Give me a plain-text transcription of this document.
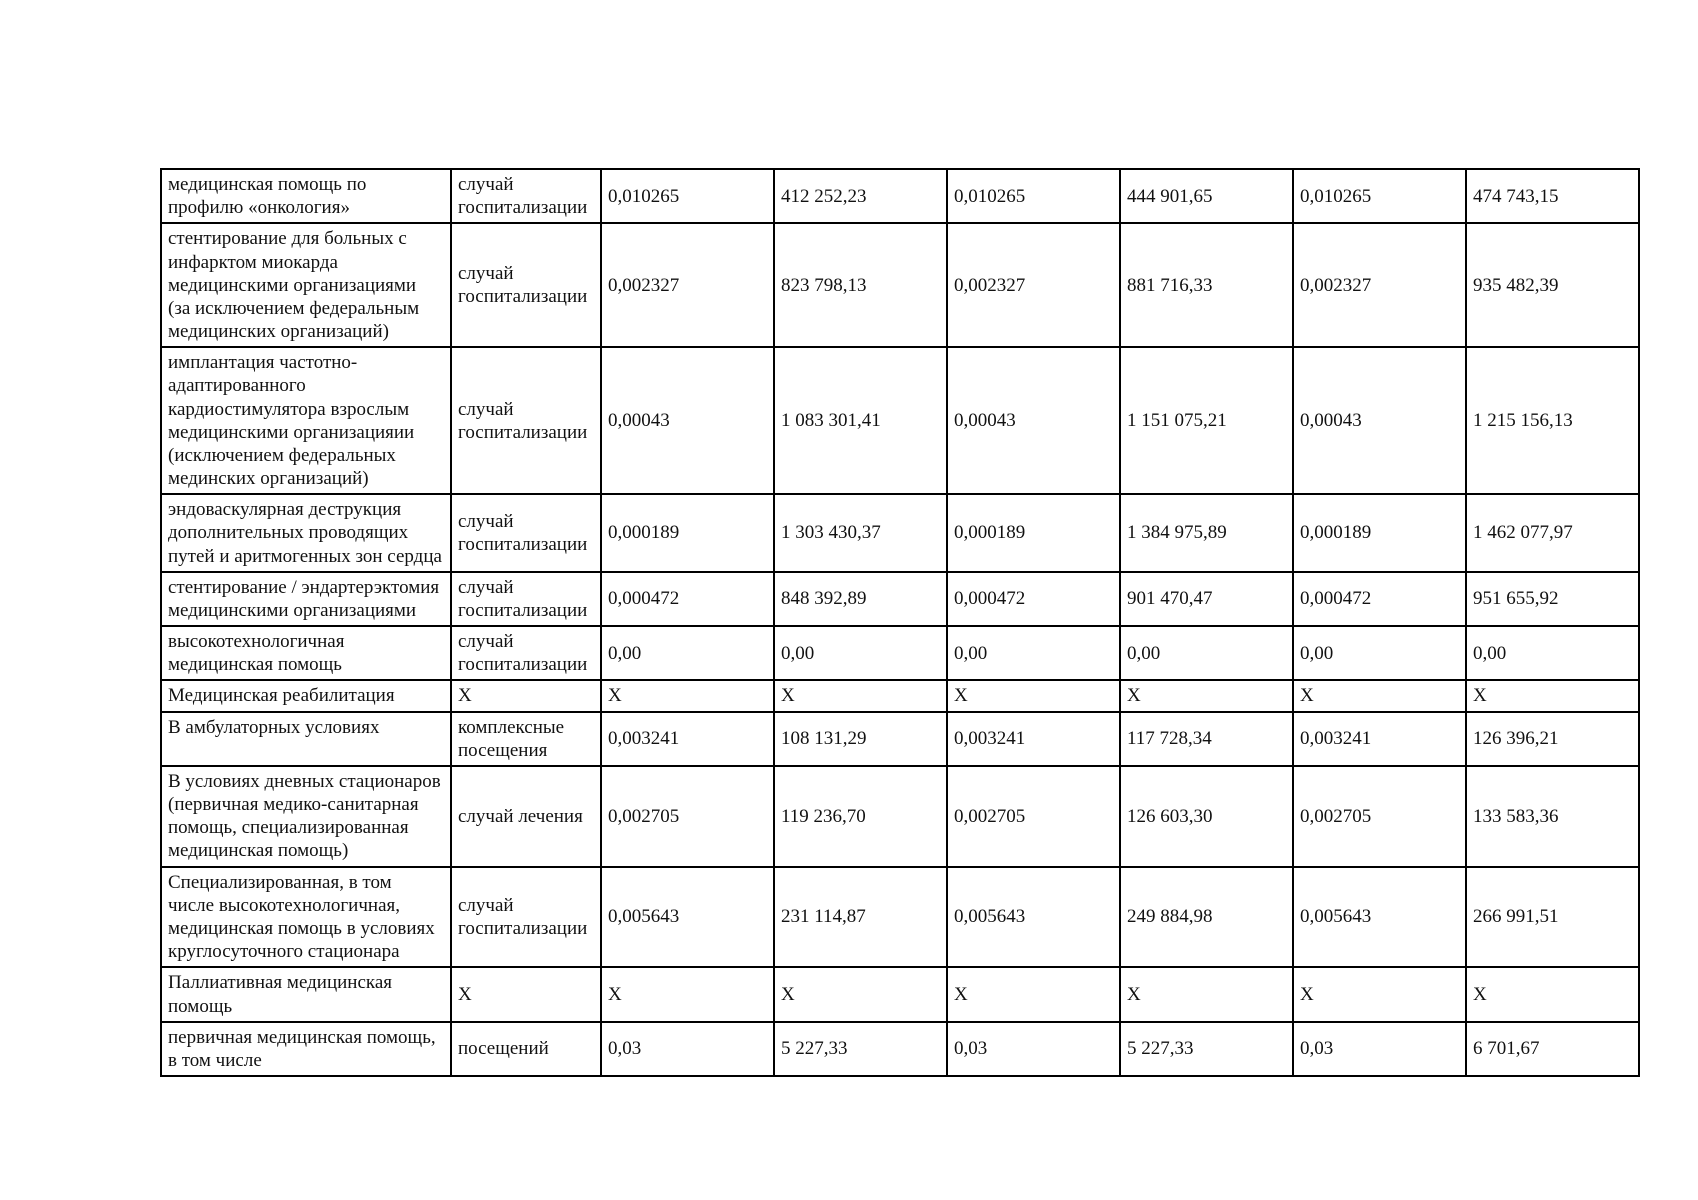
медицинская помощь по профилю «онкология»	случай госпитализации	0,010265	412 252,23	0,010265	444 901,65	0,010265	474 743,15
стентирование для больных с инфарктом миокарда медицинскими организациями (за исключением федеральным медицинских организаций)	случай госпитализации	0,002327	823 798,13	0,002327	881 716,33	0,002327	935 482,39
имплантация частотно-адаптированного кардиостимулятора взрослым медицинскими организацияии (исключением федеральных мединских организаций)	случай госпитализации	0,00043	1 083 301,41	0,00043	1 151 075,21	0,00043	1 215 156,13
эндоваскулярная деструкция дополнительных проводящих путей и аритмогенных зон сердца	случай госпитализации	0,000189	1 303 430,37	0,000189	1 384 975,89	0,000189	1 462 077,97
стентирование / эндартерэктомия медицинскими организациями	случай госпитализации	0,000472	848 392,89	0,000472	901 470,47	0,000472	951 655,92
высокотехнологичная медицинская помощь	случай госпитализации	0,00	0,00	0,00	0,00	0,00	0,00
Медицинская реабилитация	X	X	X	X	X	X	X
В амбулаторных условиях	комплексные посещения	0,003241	108 131,29	0,003241	117 728,34	0,003241	126 396,21
В условиях дневных стационаров (первичная медико-санитарная помощь, специализированная медицинская помощь)	случай лечения	0,002705	119 236,70	0,002705	126 603,30	0,002705	133 583,36
Специализированная, в том числе высокотехнологичная, медицинская помощь в условиях круглосуточного стационара	случай госпитализации	0,005643	231 114,87	0,005643	249 884,98	0,005643	266 991,51
Паллиативная медицинская помощь	X	X	X	X	X	X	X
первичная медицинская помощь, в том числе	посещений	0,03	5 227,33	0,03	5 227,33	0,03	6 701,67
